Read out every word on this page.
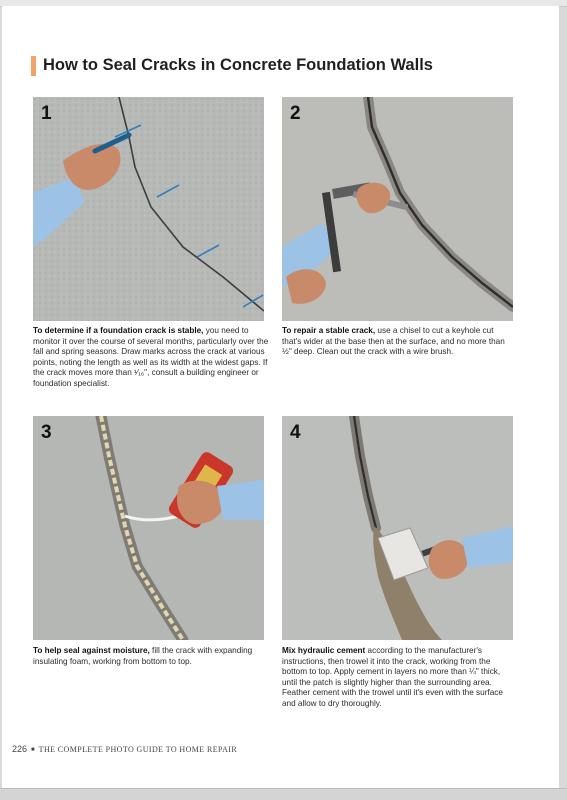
How to Seal Cracks in Concrete Foundation Walls
1	2
To determine if a foundation crack is stable, you need to monitor it over the course of several months, particularly over the fall and spring seasons. Draw marks across the crack at various points, noting the length as well as its width at the widest gaps. If the crack moves more than ¹⁄₁₆", consult a building engineer or foundation specialist.
To repair a stable crack, use a chisel to cut a keyhole cut that's wider at the base then at the surface, and no more than ½" deep. Clean out the crack with a wire brush.
3	4
To help seal against moisture, fill the crack with expanding insulating foam, working from bottom to top.
Mix hydraulic cement according to the manufacturer's instructions, then trowel it into the crack, working from the bottom to top. Apply cement in layers no more than ¼" thick, until the patch is slightly higher than the surrounding area. Feather cement with the trowel until it's even with the surface and allow to dry thoroughly.
226 ■ THE COMPLETE PHOTO GUIDE TO HOME REPAIR
